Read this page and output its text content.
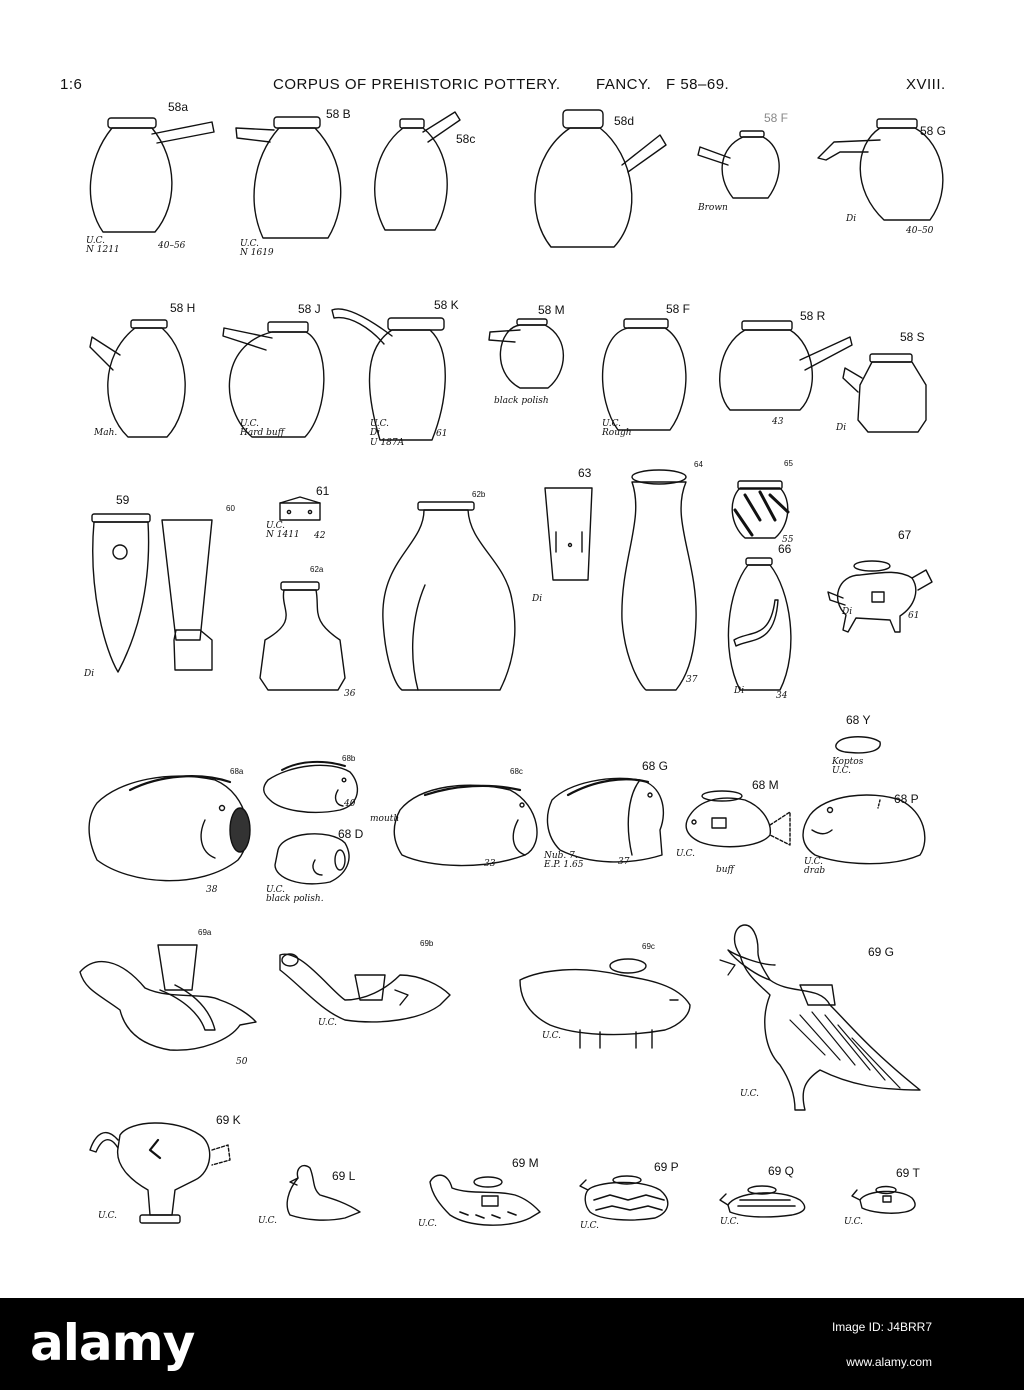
1:6	CORPUS OF PREHISTORIC POTTERY. FANCY. F 58–69.	XVIII.
58a
U.C.
N 1211	40–56
58 B
U.C.
N 1619
58c
58d	58 F
Brown
58 G
Di
40–50
58 H
Mah.
58 J
U.C.
Hard buff
58 K
U.C.
Di
U 187A
61
58 M
black polish
58 F
U.C.
Rough
58 R
43
58 S
Di
59
Di
60
61
U.C.
N 1411 42
62a
36
62b
63
Di
64
37
65
55
66
Di	34
67
Di	61
68a
38
68b
40
mouth
68 D
U.C.
black polish.
68c
33
68 G
Nub. 7.
E.P. 1.65	37
68 M
U.C.
buff
68 Y
Koptos
U.C.
68 P
U.C.
drab
69a
50
69b
U.C.
69c
U.C.
69 G
U.C.
69 K
U.C.
69 L
U.C.
69 M
U.C.
69 P
U.C.
69 Q
U.C.
69 T
U.C.
alamy	Image ID: J4BRR7
www.alamy.com
